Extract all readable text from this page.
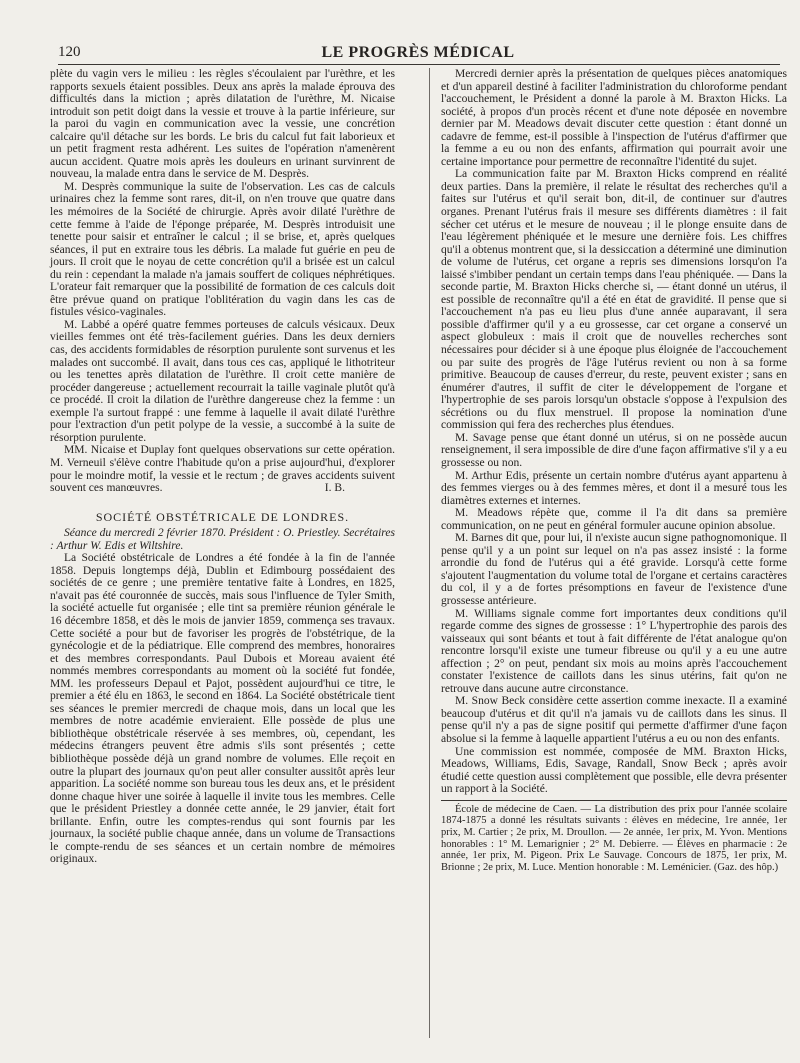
120	LE PROGRÈS MÉDICAL

plète du vagin vers le milieu : les règles s'écoulaient par l'urèthre, et les rapports sexuels étaient possibles. Deux ans après la malade éprouva des difficultés dans la miction ; après dilatation de l'urèthre, M. Nicaise introduit son petit doigt dans la vessie et trouve à la partie inférieure, sur la paroi du vagin en communication avec la vessie, une concrétion calcaire qu'il détache sur les bords. Le bris du calcul fut fait laborieux et un petit fragment resta adhérent. Les suites de l'opération n'amenèrent aucun accident. Quatre mois après les douleurs en urinant survinrent de nouveau, la malade entra dans le service de M. Desprès.

M. Desprès communique la suite de l'observation. Les cas de calculs urinaires chez la femme sont rares, dit-il, on n'en trouve que quatre dans les mémoires de la Société de chirurgie. Après avoir dilaté l'urèthre de cette femme à l'aide de l'éponge préparée, M. Desprès introduisit une tenette pour saisir et entraîner le calcul ; il se brise, et, après quelques séances, il put en extraire tous les débris. La malade fut guérie en peu de jours. Il croit que le noyau de cette concrétion qu'il a brisée est un calcul du rein : cependant la malade n'a jamais souffert de coliques néphrétiques. L'orateur fait remarquer que la possibilité de formation de ces calculs doit être prévue quand on pratique l'oblitération du vagin dans les cas de fistules vésico-vaginales.

M. Labbé a opéré quatre femmes porteuses de calculs vésicaux. Deux vieilles femmes ont été très-facilement guéries. Dans les deux derniers cas, des accidents formidables de résorption purulente sont survenus et les malades ont succombé. Il avait, dans tous ces cas, appliqué le lithotriteur ou les tenettes après dilatation de l'urèthre. Il croit cette manière de procéder dangereuse ; actuellement recourrait la taille vaginale plutôt qu'à ce procédé. Il croit la dilation de l'urèthre dangereuse chez la femme : un exemple l'a surtout frappé : une femme à laquelle il avait dilaté l'urèthre pour l'extraction d'un petit polype de la vessie, a succombé à la suite de résorption purulente.

MM. Nicaise et Duplay font quelques observations sur cette opération. M. Verneuil s'élève contre l'habitude qu'on a prise aujourd'hui, d'explorer pour le moindre motif, la vessie et le rectum ; de graves accidents suivent souvent ces manœuvres.	I. B.
SOCIÉTÉ OBSTÉTRICALE DE LONDRES.

Séance du mercredi 2 février 1870. Président : O. Priestley. Secrétaires : Arthur W. Edis et Wiltshire.

La Société obstétricale de Londres a été fondée à la fin de l'année 1858. Depuis longtemps déjà, Dublin et Edimbourg possédaient des sociétés de ce genre ; une première tentative faite à Londres, en 1825, n'avait pas été couronnée de succès, mais sous l'influence de Tyler Smith, la société actuelle fut organisée ; elle tint sa première réunion générale le 16 décembre 1858, et dès le mois de janvier 1859, commença ses travaux. Cette société a pour but de favoriser les progrès de l'obstétrique, de la gynécologie et de la pédiatrique. Elle comprend des membres, honoraires et des membres correspondants. Paul Dubois et Moreau avaient été nommés membres correspondants au moment où la société fut fondée, MM. les professeurs Depaul et Pajot, possèdent aujourd'hui ce titre, le premier a été élu en 1863, le second en 1864. La Société obstétricale tient ses séances le premier mercredi de chaque mois, dans un local que les membres de notre académie envieraient. Elle possède de plus une bibliothèque obstétricale réservée à ses membres, où, cependant, les médecins étrangers peuvent être admis s'ils sont présentés ; cette bibliothèque possède déjà un grand nombre de volumes. Elle reçoit en outre la plupart des journaux qu'on peut aller consulter aussitôt après leur apparition. La société nomme son bureau tous les deux ans, et le président donne chaque hiver une soirée à laquelle il invite tous les membres. Celle que le président Priestley a donnée cette année, le 29 janvier, était fort brillante. Enfin, outre les comptes-rendus qui sont fournis par les journaux, la société publie chaque année, dans un volume de Transactions le compte-rendu de ses séances et un certain nombre de mémoires originaux.

Mercredi dernier après la présentation de quelques pièces anatomiques et d'un appareil destiné à faciliter l'administration du chloroforme pendant l'accouchement, le Président a donné la parole à M. Braxton Hicks. La société, à propos d'un procès récent et d'une note déposée en novembre dernier par M. Meadows devait discuter cette question : étant donné un cadavre de femme, est-il possible à l'inspection de l'utérus d'affirmer que la femme a eu ou non des enfants, affirmation qui pourrait avoir une certaine importance pour permettre de reconnaître l'identité du sujet.

La communication faite par M. Braxton Hicks comprend en réalité deux parties. Dans la première, il relate le résultat des recherches qu'il a faites sur l'utérus et qu'il serait bon, dit-il, de continuer sur d'autres organes. Prenant l'utérus frais il mesure ses différents diamètres : il fait sécher cet utérus et le mesure de nouveau ; il le plonge ensuite dans de l'eau légèrement phéniquée et le mesure une dernière fois. Les chiffres qu'il a obtenus montrent que, si la dessiccation a déterminé une diminution de volume de l'utérus, cet organe a repris ses dimensions lorsqu'on l'a laissé s'imbiber pendant un certain temps dans l'eau phéniquée. — Dans la seconde partie, M. Braxton Hicks cherche si, — étant donné un utérus, il est possible de reconnaître qu'il a été en état de gravidité. Il pense que si l'accouchement n'a pas eu lieu plus d'une année auparavant, il sera possible d'affirmer qu'il y a eu grossesse, car cet organe a conservé un aspect globuleux : mais il croit que de nouvelles recherches sont nécessaires pour décider si à une époque plus éloignée de l'accouchement ou par suite des progrès de l'âge l'utérus revient ou non à sa forme primitive. Beaucoup de causes d'erreur, du reste, peuvent exister ; sans en énumérer d'autres, il suffit de citer le développement de l'organe et l'hypertrophie de ses parois lorsqu'un obstacle s'oppose à l'expulsion des sécrétions ou du flux menstruel. Il propose la nomination d'une commission qui fera des recherches plus étendues.

M. Savage pense que étant donné un utérus, si on ne possède aucun renseignement, il sera impossible de dire d'une façon affirmative s'il y a eu grossesse ou non.

M. Arthur Edis, présente un certain nombre d'utérus ayant appartenu à des femmes vierges ou à des femmes mères, et dont il a mesuré tous les diamètres externes et internes.

M. Meadows répète que, comme il l'a dit dans sa première communication, on ne peut en général formuler aucune opinion absolue.

M. Barnes dit que, pour lui, il n'existe aucun signe pathognomonique. Il pense qu'il y a un point sur lequel on n'a pas assez insisté : la forme arrondie du fond de l'utérus qui a été gravide. Lorsqu'à cette forme s'ajoutent l'augmentation du volume total de l'organe et certains caractères du col, il y a de fortes présomptions en faveur de l'existence d'une grossesse antérieure.

M. Williams signale comme fort importantes deux conditions qu'il regarde comme des signes de grossesse : 1° L'hypertrophie des parois des vaisseaux qui sont béants et tout à fait différente de l'état analogue qu'on rencontre lorsqu'il existe une tumeur fibreuse ou qu'il y a eu une autre affection ; 2° on peut, pendant six mois au moins après l'accouchement constater l'existence de caillots dans les sinus utérins, fait qu'on ne retrouve dans aucune autre circonstance.

M. Snow Beck considère cette assertion comme inexacte. Il a examiné beaucoup d'utérus et dit qu'il n'a jamais vu de caillots dans les sinus. Il pense qu'il n'y a pas de signe positif qui permette d'affirmer d'une façon absolue si la femme à laquelle appartient l'utérus a eu ou non des enfants.

Une commission est nommée, composée de MM. Braxton Hicks, Meadows, Williams, Edis, Savage, Randall, Snow Beck ; après avoir étudié cette question aussi complètement que possible, elle devra présenter un rapport à la Société.

École de médecine de Caen. — La distribution des prix pour l'année scolaire 1874-1875 a donné les résultats suivants : élèves en médecine, 1re année, 1er prix, M. Cartier ; 2e prix, M. Droullon. — 2e année, 1er prix, M. Yvon. Mentions honorables : 1° M. Lemarignier ; 2° M. Debierre. — Élèves en pharmacie : 2e année, 1er prix, M. Pigeon. Prix Le Sauvage. Concours de 1875, 1er prix, M. Brionne ; 2e prix, M. Luce. Mention honorable : M. Leménicier. (Gaz. des hôp.)
